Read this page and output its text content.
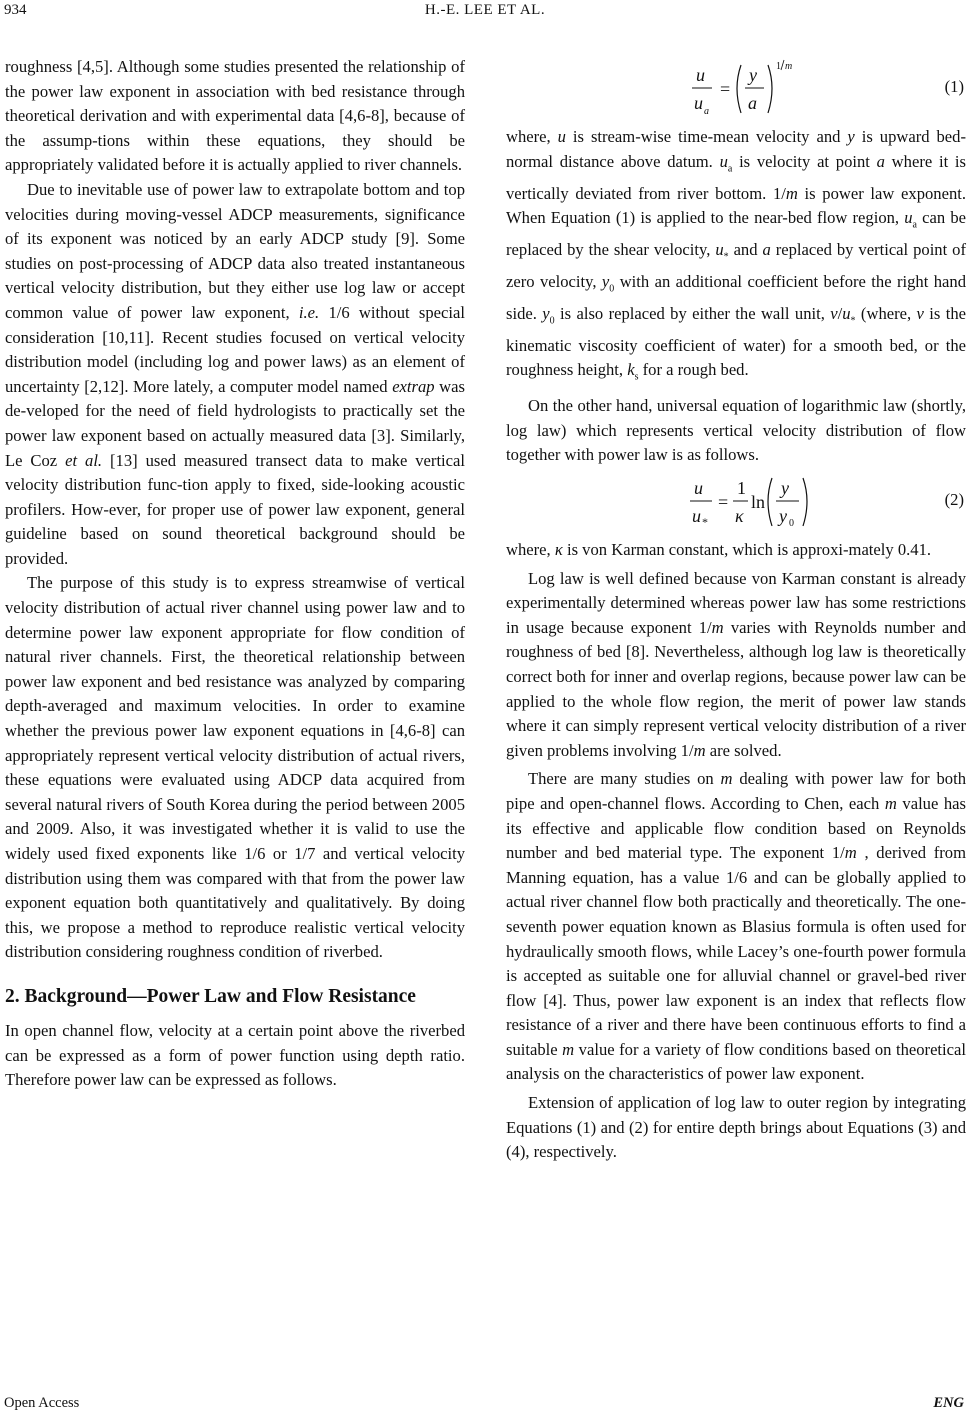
934	H.-E. LEE ET AL.

roughness [4,5]. Although some studies presented the relationship of the power law exponent in association with bed resistance through theoretical derivation and with experimental data [4,6-8], because of the assump-tions within these equations, they should be appropriately validated before it is actually applied to river channels.

Due to inevitable use of power law to extrapolate bottom and top velocities during moving-vessel ADCP measurements, significance of its exponent was noticed by an early ADCP study [9]. Some studies on post-processing of ADCP data also treated instantaneous vertical velocity distribution, but they either use log law or accept common value of power law exponent, i.e. 1/6 without special consideration [10,11]. Recent studies focused on vertical velocity distribution model (including log and power laws) as an element of uncertainty [2,12]. More lately, a computer model named extrap was de-veloped for the need of field hydrologists to practically set the power law exponent based on actually measured data [3]. Similarly, Le Coz et al. [13] used measured transect data to make vertical velocity distribution func-tion apply to fixed, side-looking acoustic profilers. How-ever, for proper use of power law exponent, general guideline based on sound theoretical background should be provided.

The purpose of this study is to express streamwise of vertical velocity distribution of actual river channel using power law and to determine power law exponent appropriate for flow condition of natural river channels. First, the theoretical relationship between power law exponent and bed resistance was analyzed by comparing depth-averaged and maximum velocities. In order to examine whether the previous power law exponent equations in [4,6-8] can appropriately represent vertical velocity distribution of actual rivers, these equations were evaluated using ADCP data acquired from several natural rivers of South Korea during the period between 2005 and 2009. Also, it was investigated whether it is valid to use the widely used fixed exponents like 1/6 or 1/7 and vertical velocity distribution using them was compared with that from the power law exponent equation both quantitatively and qualitatively. By doing this, we propose a method to reproduce realistic vertical velocity distribution considering roughness condition of riverbed.

2. Background—Power Law and Flow Resistance

In open channel flow, velocity at a certain point above the riverbed can be expressed as a form of power function using depth ratio. Therefore power law can be expressed as follows.

u
u a
=
y
a
1 m
(1)

where, u is stream-wise time-mean velocity and y is upward bed-normal distance above datum. $u_a$ is velocity at point a where it is vertically deviated from river bottom. 1/m is power law exponent. When Equation (1) is applied to the near-bed flow region, $u_a$ can be replaced by the shear velocity, $u_*$ and a replaced by vertical point of zero velocity, $y_0$ with an additional coefficient before the right hand side. $y_0$ is also replaced by either the wall unit, $\nu/u_*$ (where, ν is the kinematic viscosity coefficient of water) for a smooth bed, or the roughness height, $k_s$ for a rough bed.

On the other hand, universal equation of logarithmic law (shortly, log law) which represents vertical velocity distribution of flow together with power law is as follows.

u
u *
=
1
κ
ln
y
y 0
(2)

where, κ is von Karman constant, which is approxi-mately 0.41.

Log law is well defined because von Karman constant is already experimentally determined whereas power law has some restrictions in usage because exponent 1/m varies with Reynolds number and roughness of bed [8]. Nevertheless, although log law is theoretically correct both for inner and overlap regions, because power law can be applied to the whole flow region, the merit of power law stands where it can simply represent vertical velocity distribution of a river given problems involving 1/m are solved.

There are many studies on m dealing with power law for both pipe and open-channel flows. According to Chen, each m value has its effective and applicable flow condition based on Reynolds number and bed material type. The exponent 1/m , derived from Manning equation, has a value 1/6 and can be globally applied to actual river channel flow both practically and theoretically. The one-seventh power equation known as Blasius formula is often used for hydraulically smooth flows, while Lacey’s one-fourth power formula is accepted as suitable one for alluvial channel or gravel-bed river flow [4]. Thus, power law exponent is an index that reflects flow resistance of a river and there have been continuous efforts to find a suitable m value for a variety of flow conditions based on theoretical analysis on the characteristics of power law exponent.

Extension of application of log law to outer region by integrating Equations (1) and (2) for entire depth brings about Equations (3) and (4), respectively.

Open Access	ENG
